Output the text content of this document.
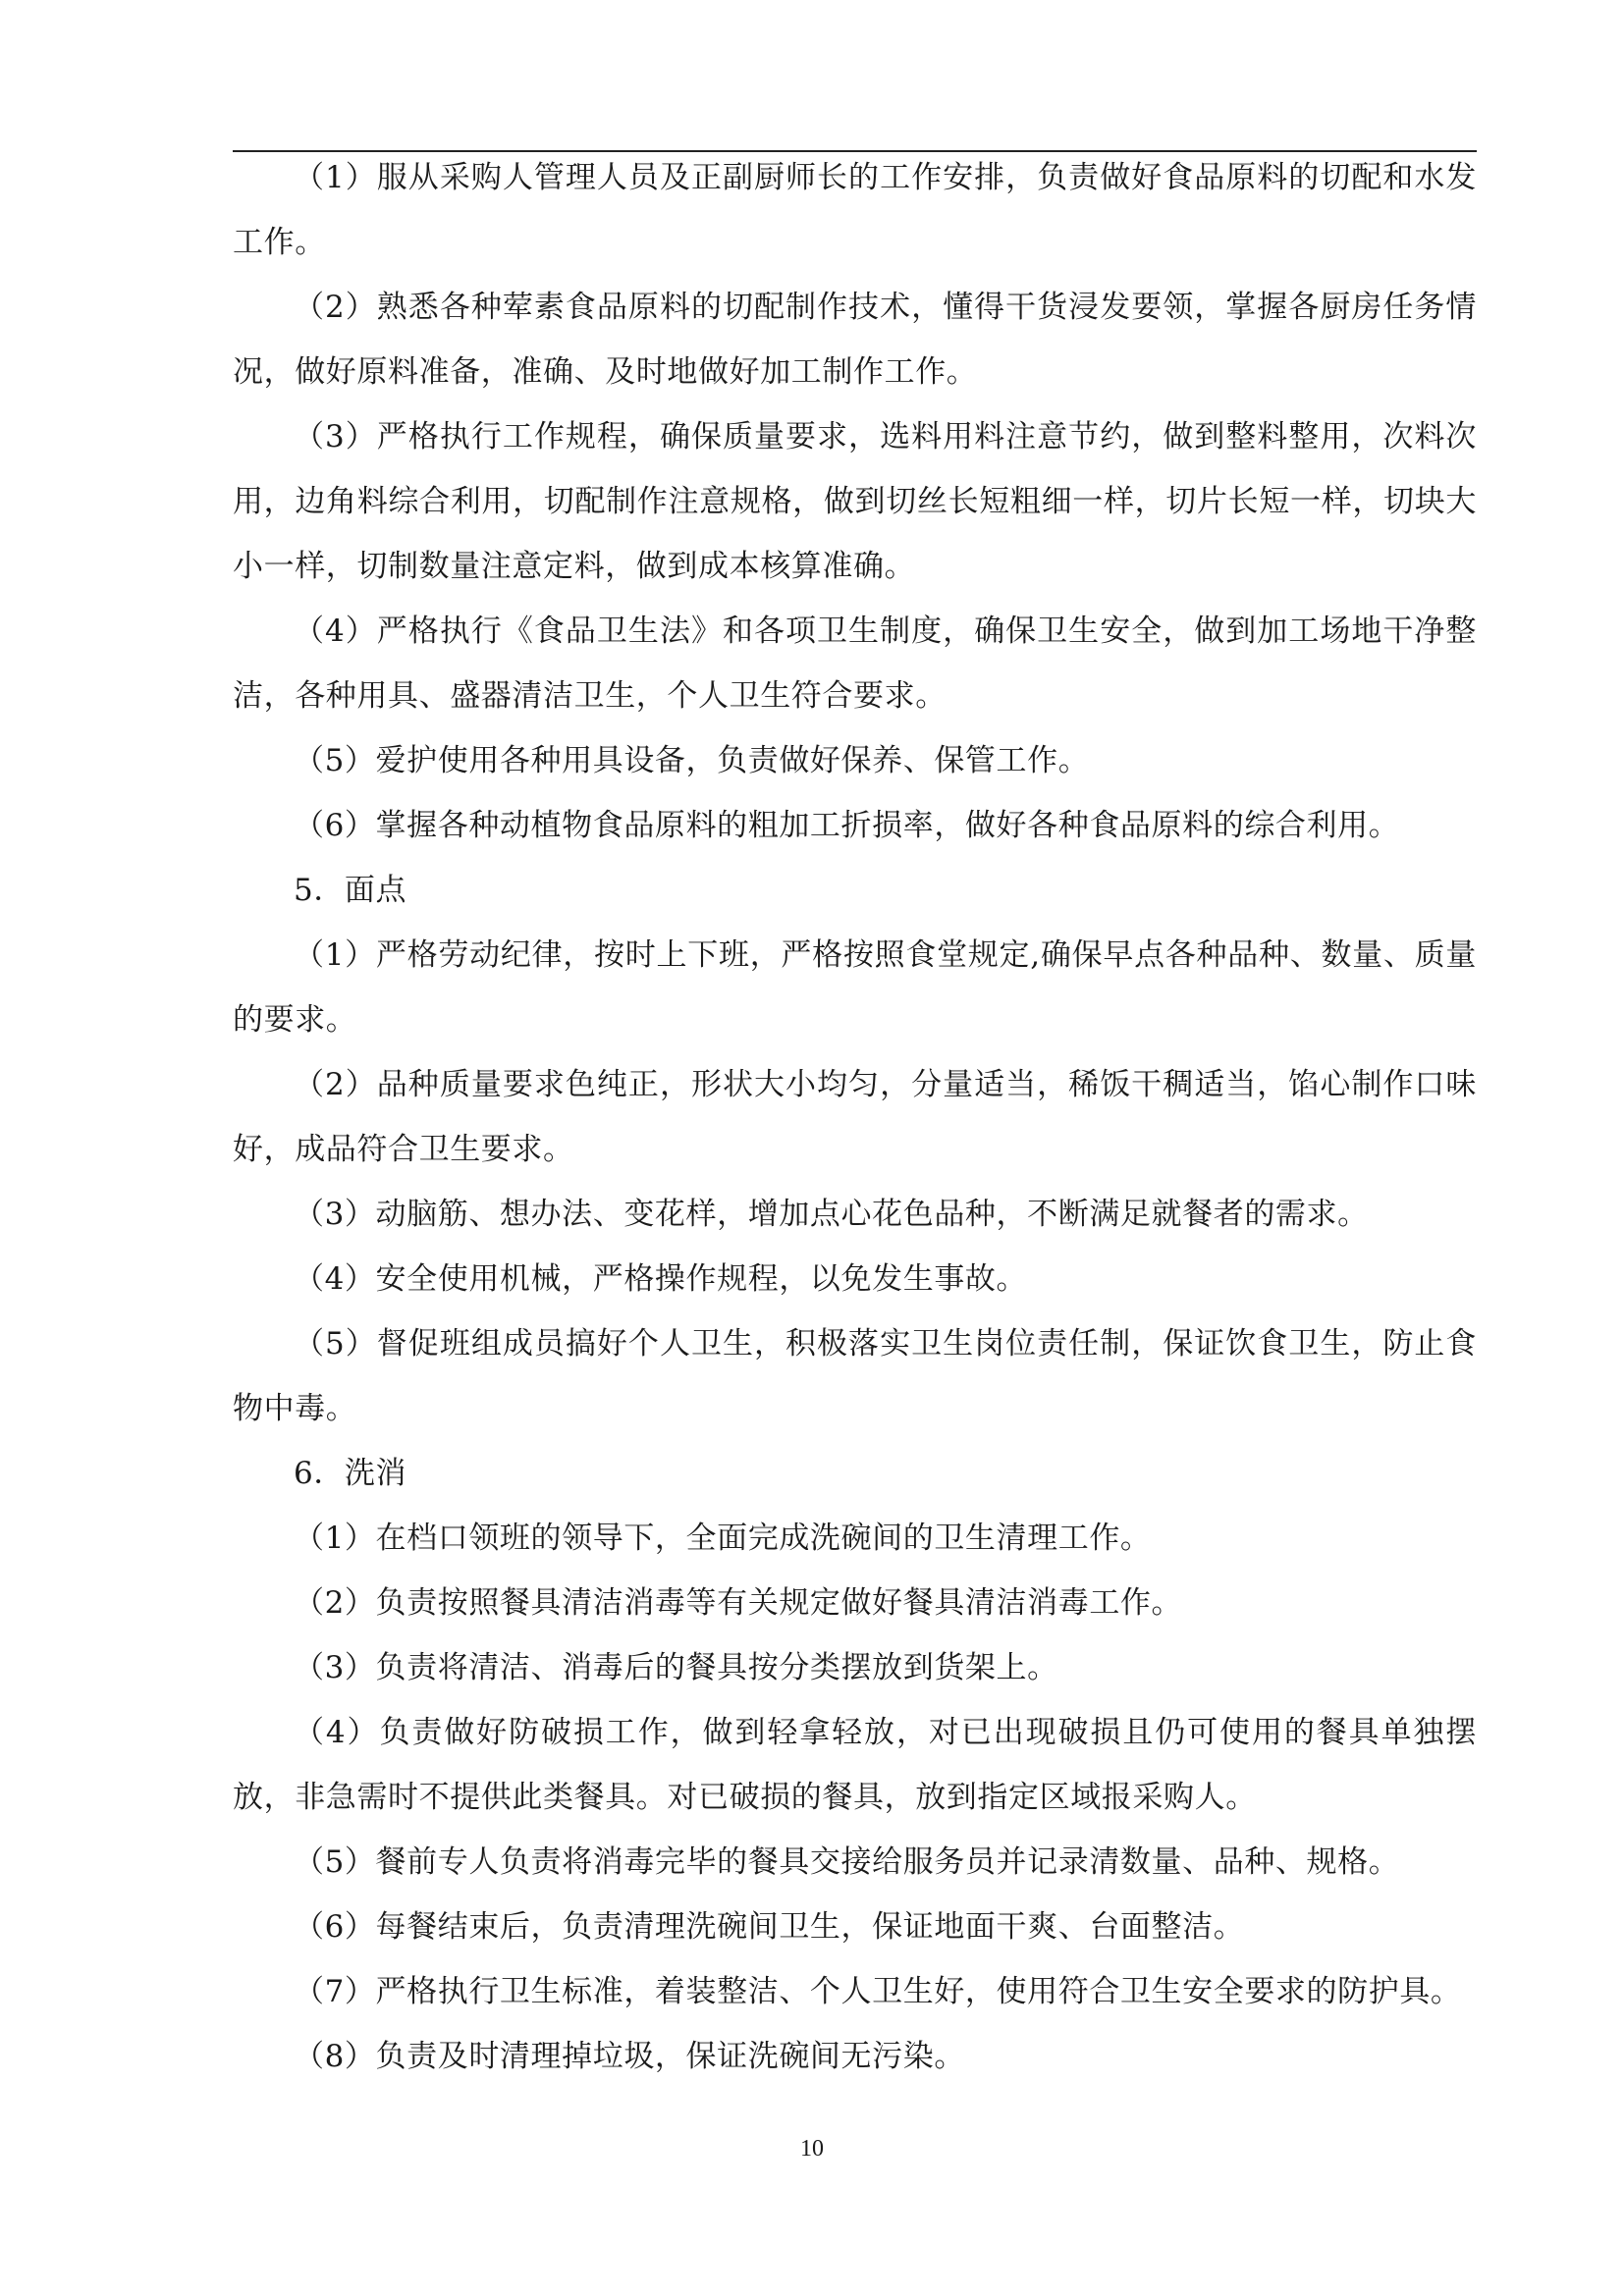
（1）服从采购人管理人员及正副厨师长的工作安排，负责做好食品原料的切配和水发工作。

（2）熟悉各种荤素食品原料的切配制作技术，懂得干货浸发要领，掌握各厨房任务情况，做好原料准备，准确、及时地做好加工制作工作。

（3）严格执行工作规程，确保质量要求，选料用料注意节约，做到整料整用，次料次用，边角料综合利用，切配制作注意规格，做到切丝长短粗细一样，切片长短一样，切块大小一样，切制数量注意定料，做到成本核算准确。

（4）严格执行《食品卫生法》和各项卫生制度，确保卫生安全，做到加工场地干净整洁，各种用具、盛器清洁卫生，个人卫生符合要求。

（5）爱护使用各种用具设备，负责做好保养、保管工作。

（6）掌握各种动植物食品原料的粗加工折损率，做好各种食品原料的综合利用。

5．面点

（1）严格劳动纪律，按时上下班，严格按照食堂规定,确保早点各种品种、数量、质量的要求。

（2）品种质量要求色纯正，形状大小均匀，分量适当，稀饭干稠适当，馅心制作口味好，成品符合卫生要求。

（3）动脑筋、想办法、变花样，增加点心花色品种，不断满足就餐者的需求。

（4）安全使用机械，严格操作规程，以免发生事故。

（5）督促班组成员搞好个人卫生，积极落实卫生岗位责任制，保证饮食卫生，防止食物中毒。

6．洗消

（1）在档口领班的领导下，全面完成洗碗间的卫生清理工作。

（2）负责按照餐具清洁消毒等有关规定做好餐具清洁消毒工作。

（3）负责将清洁、消毒后的餐具按分类摆放到货架上。

（4）负责做好防破损工作，做到轻拿轻放，对已出现破损且仍可使用的餐具单独摆放，非急需时不提供此类餐具。对已破损的餐具，放到指定区域报采购人。

（5）餐前专人负责将消毒完毕的餐具交接给服务员并记录清数量、品种、规格。

（6）每餐结束后，负责清理洗碗间卫生，保证地面干爽、台面整洁。

（7）严格执行卫生标准，着装整洁、个人卫生好，使用符合卫生安全要求的防护具。

（8）负责及时清理掉垃圾，保证洗碗间无污染。

10
